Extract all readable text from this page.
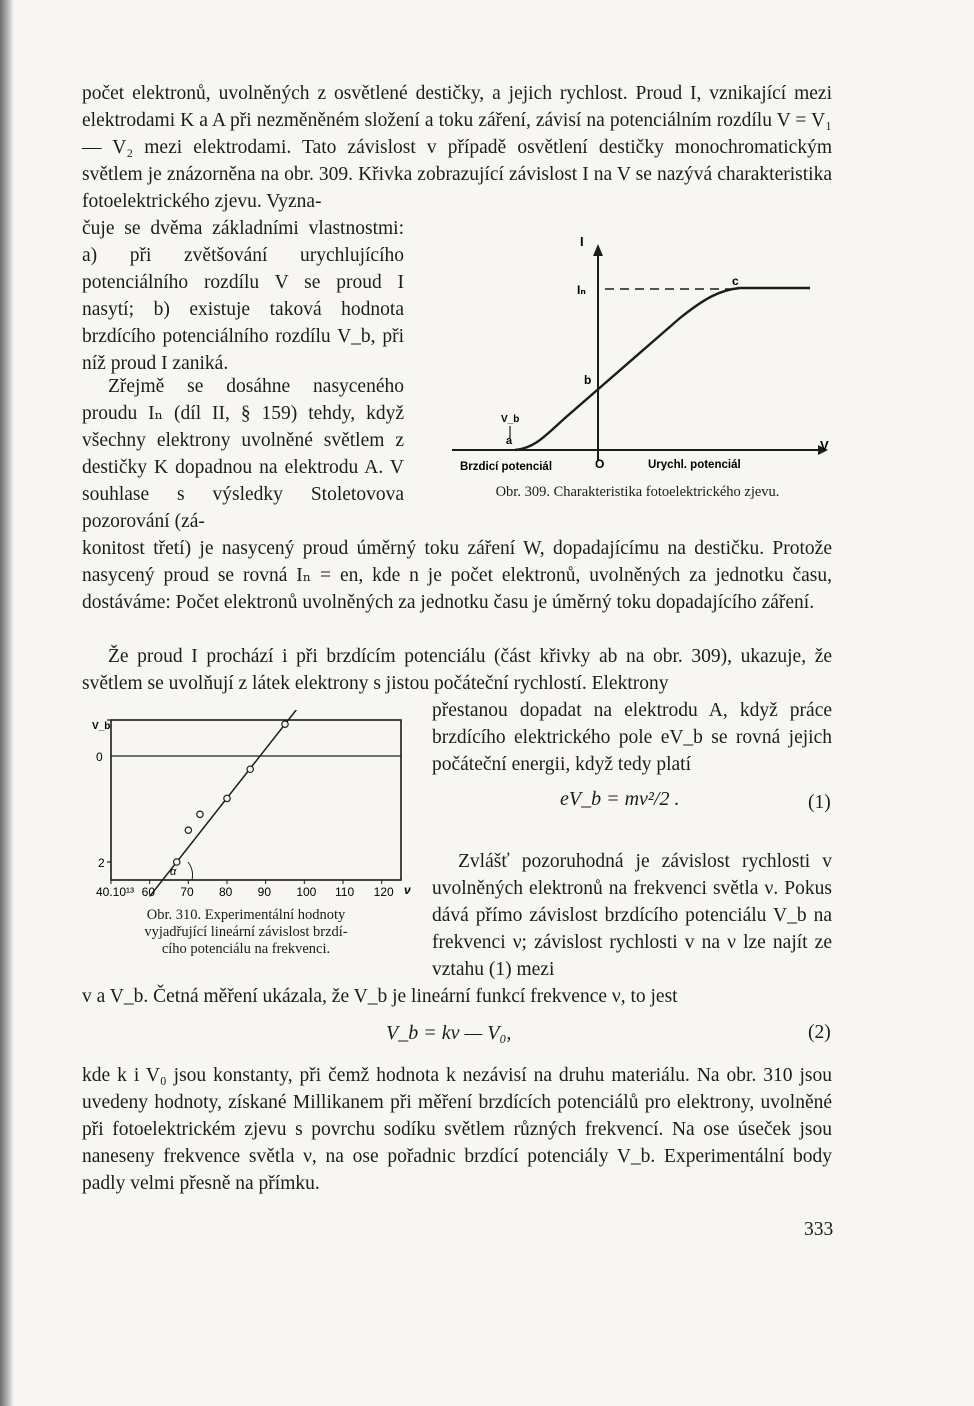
počet elektronů, uvolněných z osvětlené destičky, a jejich rychlost. Proud I, vznikající mezi elektrodami K a A při nezměněném složení a toku záření, závisí na potenciálním rozdílu V = V₁ — V₂ mezi elektrodami. Tato závislost v případě osvětlení destičky monochromatickým světlem je znázorněna na obr. 309. Křivka zobrazující závislost I na V se nazývá charakteristika fotoelektrického zjevu. Vyzna-

čuje se dvěma základními vlastnostmi: a) při zvětšování urychlujícího potenciálního rozdílu V se proud I nasytí; b) existuje taková hodnota brzdícího potenciálního rozdílu V_b, při níž proud I zaniká.

Zřejmě se dosáhne nasyceného proudu Iₙ (díl II, § 159) tehdy, když všechny elektrony uvolněné světlem z destičky K dopadnou na elektrodu A. V souhlase s výsledky Stoletovova pozorování (zá-

konitost třetí) je nasycený proud úměrný toku záření W, dopadajícímu na destičku. Protože nasycený proud se rovná Iₙ = en, kde n je počet elektronů, uvolněných za jednotku času, dostáváme: Počet elektronů uvolněných za jednotku času je úměrný toku dopadajícího záření.

Že proud I prochází i při brzdícím potenciálu (část křivky ab na obr. 309), ukazuje, že světlem se uvolňují z látek elektrony s jistou počáteční rychlostí. Elektrony

přestanou dopadat na elektrodu A, když práce brzdícího elektrického pole eV_b se rovná jejich počáteční energii, když tedy platí

eV_b = mv²/2 .	(1)

Zvlášť pozoruhodná je závislost rychlosti v uvolněných elektronů na frekvenci světla ν. Pokus dává přímo závislost brzdícího potenciálu V_b na frekvenci ν; závislost rychlosti v na ν lze najít ze vztahu (1) mezi

v a V_b. Četná měření ukázala, že V_b je lineární funkcí frekvence ν, to jest

V_b = kν — V₀,	(2)

kde k i V₀ jsou konstanty, při čemž hodnota k nezávisí na druhu materiálu. Na obr. 310 jsou uvedeny hodnoty, získané Millikanem při měření brzdících potenciálů pro elektrony, uvolněné při fotoelektrickém zjevu s povrchu sodíku světlem různých frekvencí. Na ose úseček jsou naneseny frekvence světla ν, na ose pořadnic brzdící potenciály V_b. Experimentální body padly velmi přesně na přímku.

333
I
Iₙ
c
b
V_b
a	V
O
Brzdicí potenciál	Urychl. potenciál
Obr. 309. Charakteristika fotoelektrického zjevu.
V_b
0
2
α
ν
40.10¹³ 60 70 80 90 100 110 120
Obr. 310. Experimentální hodnoty
vyjadřující lineární závislost brzdí-
cího potenciálu na frekvenci.
